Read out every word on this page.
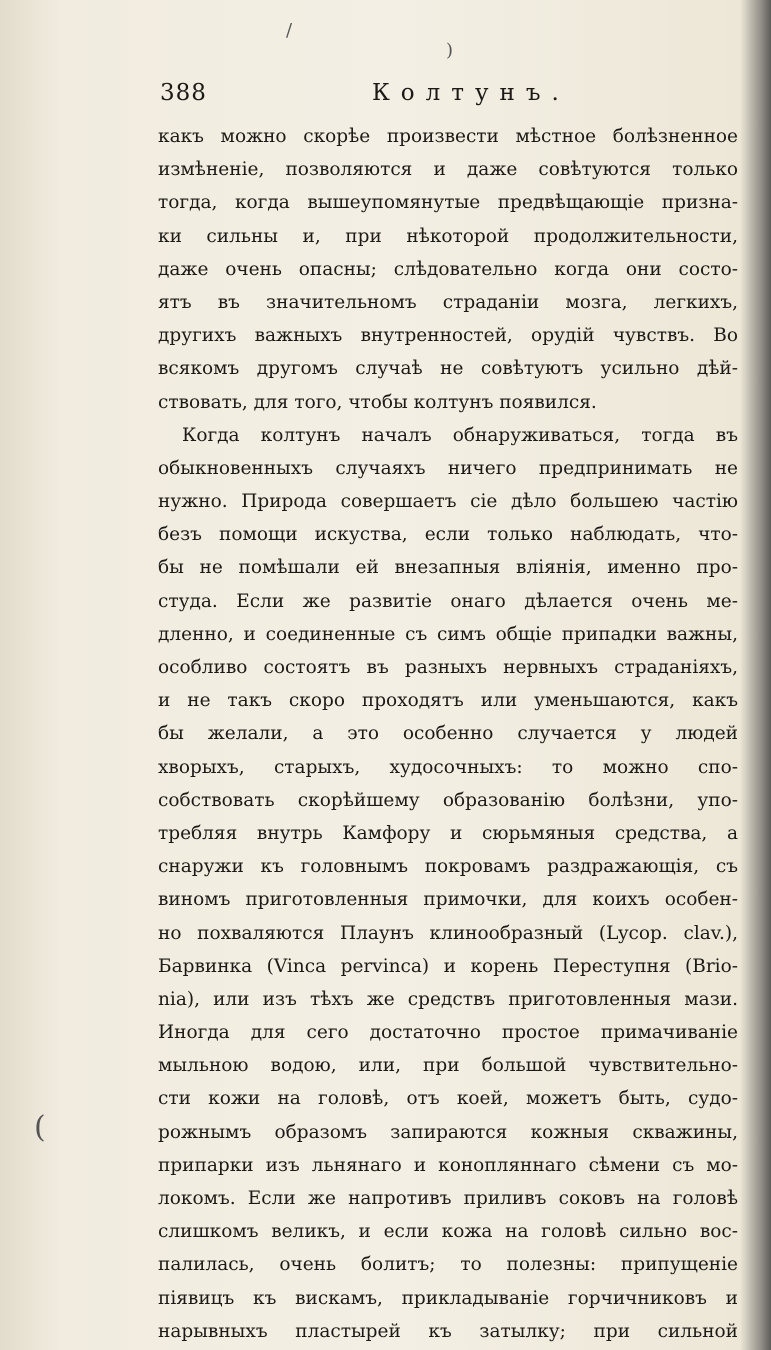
/
)
(
388	Колтунъ.
какъ можно скорѣе произвести мѣстное болѣзненное
измѣненіе, позволяются и даже совѣтуются только
тогда, когда вышеупомянутые предвѣщающіе призна-
ки сильны и, при нѣкоторой продолжительности,
даже очень опасны; слѣдовательно когда они состо-
ятъ въ значительномъ страданіи мозга, легкихъ,
другихъ важныхъ внутренностей, орудій чувствъ. Во
всякомъ другомъ случаѣ не совѣтуютъ усильно дѣй-
ствовать, для того, чтобы колтунъ появился.
Когда колтунъ началъ обнаруживаться, тогда въ
обыкновенныхъ случаяхъ ничего предпринимать не
нужно. Природа совершаетъ сіе дѣло большею частію
безъ помощи искуства, если только наблюдать, что-
бы не помѣшали ей внезапныя вліянія, именно про-
студа. Если же развитіе онаго дѣлается очень ме-
дленно, и соединенные съ симъ общіе припадки важны,
особливо состоятъ въ разныхъ нервныхъ страданіяхъ,
и не такъ скоро проходятъ или уменьшаются, какъ
бы желали, а это особенно случается у людей
хворыхъ, старыхъ, худосочныхъ: то можно спо-
собствовать скорѣйшему образованію болѣзни, упо-
требляя внутрь Камфору и сюрьмяныя средства, а
снаружи къ головнымъ покровамъ раздражающія, съ
виномъ приготовленныя примочки, для коихъ особен-
но похваляются Плаунъ клинообразный (Lycop. clav.),
Барвинка (Vinca pervinca) и корень Переступня (Brio-
nia), или изъ тѣхъ же средствъ приготовленныя мази.
Иногда для сего достаточно простое примачиваніе
мыльною водою, или, при большой чувствительно-
сти кожи на головѣ, отъ коей, можетъ быть, судо-
рожнымъ образомъ запираются кожныя скважины,
припарки изъ льнянаго и конопляннаго сѣмени съ мо-
локомъ. Если же напротивъ приливъ соковъ на головѣ
слишкомъ великъ, и если кожа на головѣ сильно вос-
палилась, очень болитъ; то полезны: припущеніе
піявицъ къ вискамъ, прикладываніе горчичниковъ и
нарывныхъ пластырей къ затылку; при сильной
